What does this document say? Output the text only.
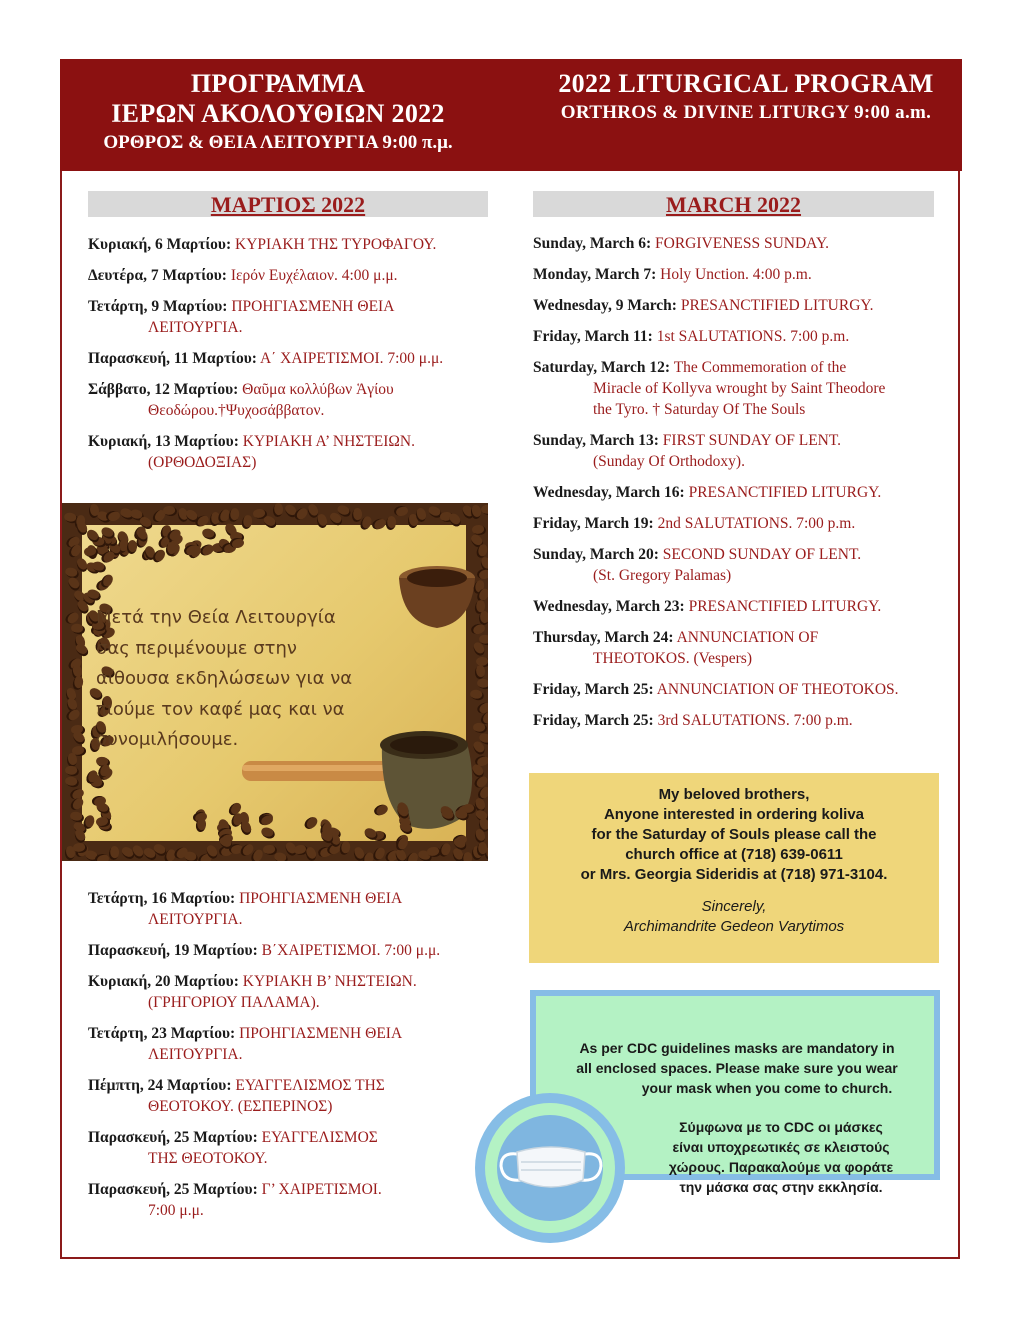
ΠΡΟΓΡΑΜΜΑ
ΙΕΡΩΝ ΑΚΟΛΟΥΘΙΩΝ 2022
ΟΡΘΡΟΣ & ΘΕΙΑ ΛΕΙΤΟΥΡΓΙΑ 9:00 π.μ.
2022 LITURGICAL PROGRAM
ORTHROS & DIVINE LITURGY 9:00 a.m.
ΜΑΡΤΙΟΣ 2022	MARCH 2022
Κυριακή, 6 Μαρτίου: ΚΥΡΙΑΚΗ ΤΗΣ ΤΥΡΟΦΑΓΟΥ.
Δευτέρα, 7 Μαρτίου: Ιερόν Ευχέλαιον. 4:00 μ.μ.
Τετάρτη, 9 Μαρτίου: ΠΡΟΗΓΙΑΣΜΕΝΗ ΘΕΙΑ
ΛΕΙΤΟΥΡΓΙΑ.
Παρασκευή, 11 Μαρτίου: Α΄ ΧΑΙΡΕΤΙΣΜΟΙ. 7:00 μ.μ.
Σάββατο, 12 Μαρτίου: Θαῦμα κολλύβων Ἁγίου
Θεοδώρου.†Ψυχοσάββατον.
Κυριακή, 13 Μαρτίου: ΚΥΡΙΑΚΗ Α’ ΝΗΣΤΕΙΩΝ.
(ΟΡΘΟΔΟΞΙΑΣ)
Τετάρτη, 16 Μαρτίου: ΠΡΟΗΓΙΑΣΜΕΝΗ ΘΕΙΑ
ΛΕΙΤΟΥΡΓΙΑ.
Παρασκευή, 19 Μαρτίου: Β΄ΧΑΙΡΕΤΙΣΜΟΙ. 7:00 μ.μ.
Κυριακή, 20 Μαρτίου: ΚΥΡΙΑΚΗ Β’ ΝΗΣΤΕΙΩΝ.
(ΓΡΗΓΟΡΙΟΥ ΠΑΛΑΜΑ).
Τετάρτη, 23 Μαρτίου: ΠΡΟΗΓΙΑΣΜΕΝΗ ΘΕΙΑ
ΛΕΙΤΟΥΡΓΙΑ.
Πέμπτη, 24 Μαρτίου: ΕΥΑΓΓΕΛΙΣΜΟΣ ΤΗΣ
ΘΕΟΤΟΚΟΥ. (ΕΣΠΕΡΙΝΟΣ)
Παρασκευή, 25 Μαρτίου: ΕΥΑΓΓΕΛΙΣΜΟΣ
ΤΗΣ ΘΕΟΤΟΚΟΥ.
Παρασκευή, 25 Μαρτίου: Γ’ ΧΑΙΡΕΤΙΣΜΟΙ.
7:00 μ.μ.
Sunday, March 6: FORGIVENESS SUNDAY.
Monday, March 7: Holy Unction. 4:00 p.m.
Wednesday, 9 March: PRESANCTIFIED LITURGY.
Friday, March 11: 1st SALUTATIONS. 7:00 p.m.
Saturday, March 12: The Commemoration of the
Miracle of Kollyva wrought by Saint Theodore
the Tyro. † Saturday Of The Souls
Sunday, March 13: FIRST SUNDAY OF LENT.
(Sunday Of Orthodoxy).
Wednesday, March 16: PRESANCTIFIED LITURGY.
Friday, March 19: 2nd SALUTATIONS. 7:00 p.m.
Sunday, March 20: SECOND SUNDAY OF LENT.
(St. Gregory Palamas)
Wednesday, March 23: PRESANCTIFIED LITURGY.
Thursday, March 24: ANNUNCIATION OF
THEOTOKOS. (Vespers)
Friday, March 25: ANNUNCIATION OF THEOTOKOS.
Friday, March 25: 3rd SALUTATIONS. 7:00 p.m.
Μετά την Θεία Λειτουργία
σας περιμένουμε στην
αίθουσα εκδηλώσεων για να
πιούμε τον καφέ μας και να
συνομιλήσουμε.
My beloved brothers,
Anyone interested in ordering koliva
for the Saturday of Souls please call the
church office at (718) 639-0611
or Mrs. Georgia Sideridis at (718) 971-3104.
Sincerely,
Archimandrite Gedeon Varytimos
As per CDC guidelines masks are mandatory in
all enclosed spaces. Please make sure you wear
your mask when you come to church.
Σύμφωνα με το CDC οι μάσκες
είναι υποχρεωτικές σε κλειστούς
χώρους. Παρακαλούμε να φοράτε
την μάσκα σας στην εκκλησία.
